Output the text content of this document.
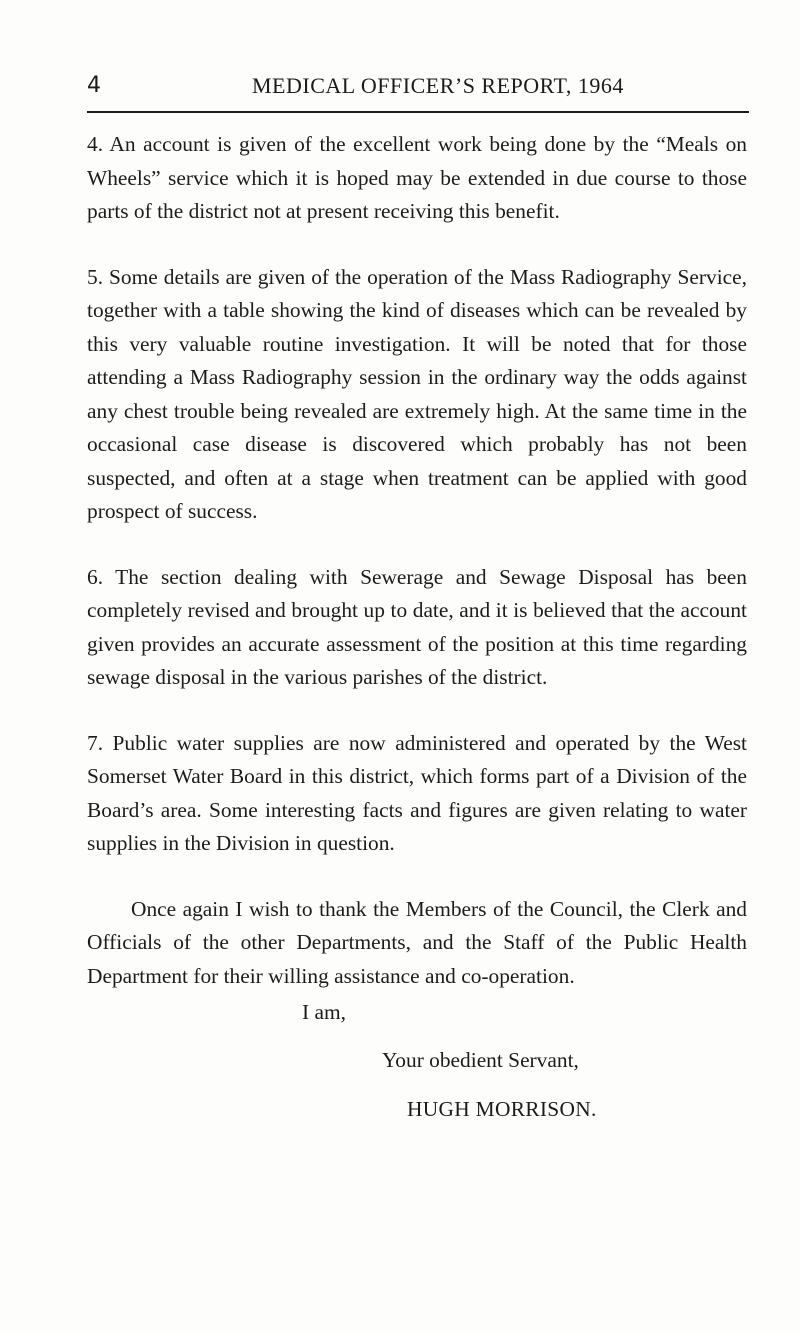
4	MEDICAL OFFICER’S REPORT, 1964

4. An account is given of the excellent work being done by the “Meals on Wheels” service which it is hoped may be extended in due course to those parts of the district not at present receiving this benefit.

5. Some details are given of the operation of the Mass Radiography Service, together with a table showing the kind of diseases which can be revealed by this very valuable routine investigation. It will be noted that for those attending a Mass Radiography session in the ordinary way the odds against any chest trouble being revealed are extremely high. At the same time in the occasional case disease is discovered which probably has not been suspected, and often at a stage when treatment can be applied with good prospect of success.

6. The section dealing with Sewerage and Sewage Disposal has been completely revised and brought up to date, and it is believed that the account given provides an accurate assessment of the position at this time regarding sewage disposal in the various parishes of the district.

7. Public water supplies are now administered and operated by the West Somerset Water Board in this district, which forms part of a Division of the Board’s area. Some interesting facts and figures are given relating to water supplies in the Division in question.

Once again I wish to thank the Members of the Council, the Clerk and Officials of the other Departments, and the Staff of the Public Health Department for their willing assistance and co-operation.

I am,
Your obedient Servant,
HUGH MORRISON.
